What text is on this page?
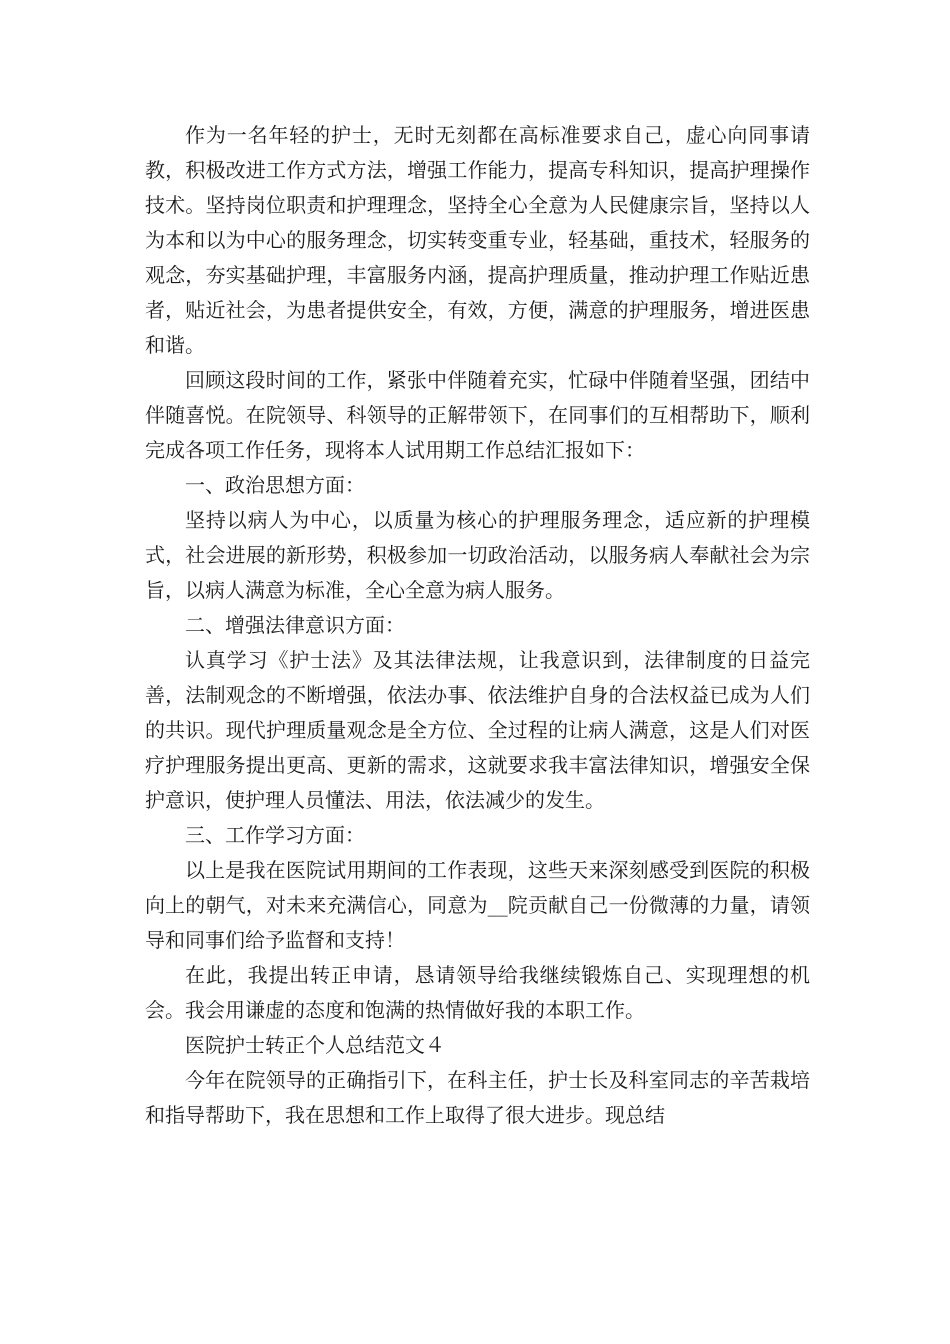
作为一名年轻的护士，无时无刻都在高标准要求自己，虚心向同事请教，积极改进工作方式方法，增强工作能力，提高专科知识，提高护理操作技术。坚持岗位职责和护理理念，坚持全心全意为人民健康宗旨，坚持以人为本和以为中心的服务理念，切实转变重专业，轻基础，重技术，轻服务的观念，夯实基础护理，丰富服务内涵，提高护理质量，推动护理工作贴近患者，贴近社会，为患者提供安全，有效，方便，满意的护理服务，增进医患和谐。

回顾这段时间的工作，紧张中伴随着充实，忙碌中伴随着坚强，团结中伴随喜悦。在院领导、科领导的正解带领下，在同事们的互相帮助下，顺利完成各项工作任务，现将本人试用期工作总结汇报如下：

一、政治思想方面：

坚持以病人为中心，以质量为核心的护理服务理念，适应新的护理模式，社会进展的新形势，积极参加一切政治活动，以服务病人奉献社会为宗旨，以病人满意为标准，全心全意为病人服务。

二、增强法律意识方面：

认真学习《护士法》及其法律法规，让我意识到，法律制度的日益完善，法制观念的不断增强，依法办事、依法维护自身的合法权益已成为人们的共识。现代护理质量观念是全方位、全过程的让病人满意，这是人们对医疗护理服务提出更高、更新的需求，这就要求我丰富法律知识，增强安全保护意识，使护理人员懂法、用法，依法减少的发生。

三、工作学习方面：

以上是我在医院试用期间的工作表现，这些天来深刻感受到医院的积极向上的朝气，对未来充满信心，同意为__院贡献自己一份微薄的力量，请领导和同事们给予监督和支持！

在此，我提出转正申请，恳请领导给我继续锻炼自己、实现理想的机会。我会用谦虚的态度和饱满的热情做好我的本职工作。

医院护士转正个人总结范文４

今年在院领导的正确指引下，在科主任，护士长及科室同志的辛苦栽培和指导帮助下，我在思想和工作上取得了很大进步。现总结
